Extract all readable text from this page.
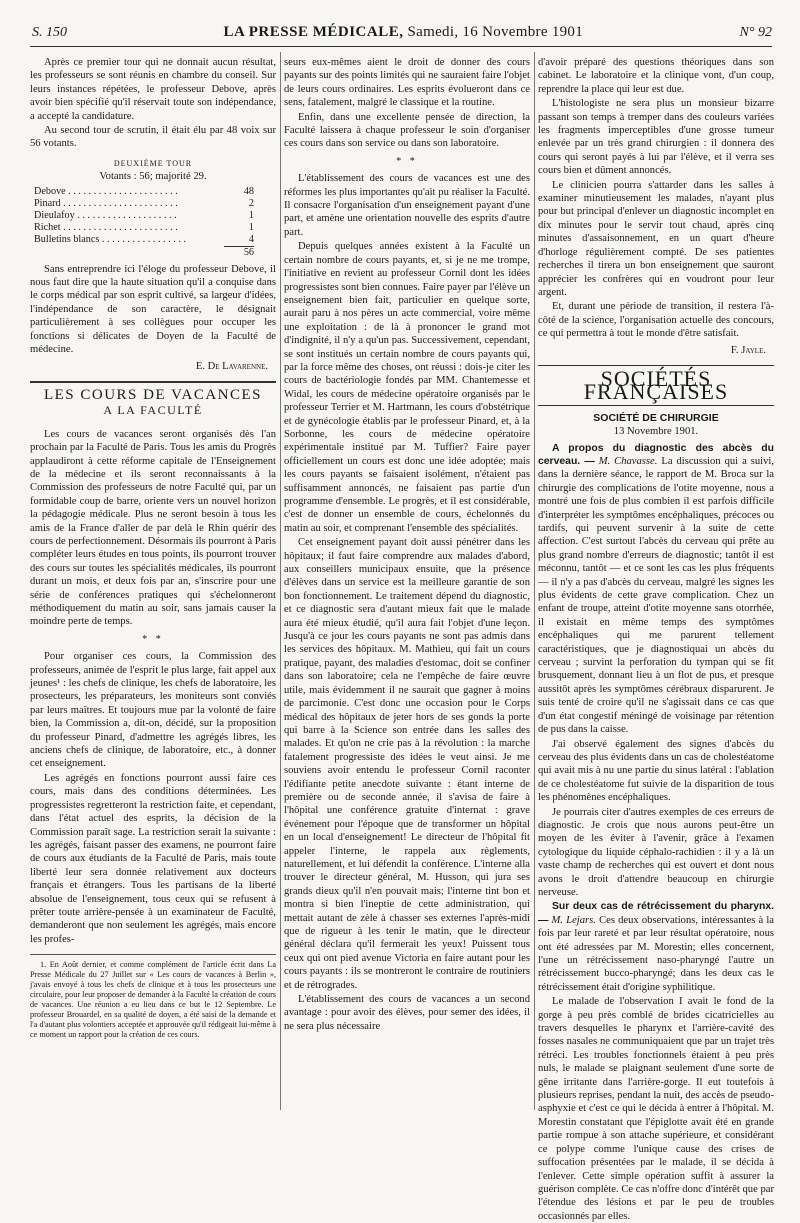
S. 150	LA PRESSE MÉDICALE, Samedi, 16 Novembre 1901	N° 92

Après ce premier tour qui ne donnait aucun résultat, les professeurs se sont réunis en chambre du conseil. Sur leurs instances répétées, le professeur Debove, après avoir bien spécifié qu'il réservait toute son indépendance, a accepté la candidature.

Au second tour de scrutin, il était élu par 48 voix sur 56 votants.

DEUXIÈME TOUR
Votants : 56; majorité 29.
Debove . . . . . . . . . . . . . . . . . . . . . .	48
Pinard . . . . . . . . . . . . . . . . . . . . . . .	2
Dieulafoy . . . . . . . . . . . . . . . . . . . .	1
Richet . . . . . . . . . . . . . . . . . . . . . . .	1
Bulletins blancs . . . . . . . . . . . . . . . . .	4
	56

Sans entreprendre ici l'éloge du professeur Debove, il nous faut dire que la haute situation qu'il a conquise dans le corps médical par son esprit cultivé, sa largeur d'idées, l'indépendance de son caractère, le désignait particulièrement à ses collègues pour occuper les fonctions si délicates de Doyen de la Faculté de médecine.

E. De Lavarenne.
LES COURS DE VACANCES
A LA FACULTÉ

Les cours de vacances seront organisés dès l'an prochain par la Faculté de Paris. Tous les amis du Progrès applaudiront à cette réforme capitale de l'Enseignement de la médecine et ils seront reconnaissants à la Commission des professeurs de notre Faculté qui, par un formidable coup de barre, oriente vers un nouvel horizon la pédagogie médicale. Plus ne seront besoin à tous les amis de la France d'aller de par delà le Rhin quérir des cours de perfectionnement. Désormais ils pourront à Paris compléter leurs études en tous points, ils pourront trouver des cours sur toutes les spécialités médicales, ils pourront durant un mois, et deux fois par an, s'inscrire pour une série de conférences pratiques qui s'échelonneront méthodiquement du matin au soir, sans jamais causer la moindre perte de temps.

* *

Pour organiser ces cours, la Commission des professeurs, animée de l'esprit le plus large, fait appel aux jeunes¹ : les chefs de clinique, les chefs de laboratoire, les prosecteurs, les préparateurs, les moniteurs sont conviés par leurs maîtres. Et toujours mue par la volonté de faire bien, la Commission a, dit-on, décidé, sur la proposition du professeur Pinard, d'admettre les agrégés libres, les anciens chefs de clinique, de laboratoire, etc., à donner cet enseignement.

Les agrégés en fonctions pourront aussi faire ces cours, mais dans des conditions déterminées. Les progressistes regretteront la restriction faite, et cependant, dans l'état actuel des esprits, la décision de la Commission paraît sage. La restriction serait la suivante : les agrégés, faisant passer des examens, ne pourront faire de cours aux étudiants de la Faculté de Paris, mais toute liberté leur sera donnée relativement aux docteurs français et étrangers. Tous les partisans de la liberté absolue de l'enseignement, tous ceux qui se refusent à prêter toute arrière-pensée à un examinateur de Faculté, demanderont que non seulement les agrégés, mais encore les profes-

1. En Août dernier, et comme complément de l'article écrit dans La Presse Médicale du 27 Juillet sur « Les cours de vacances à Berlin », j'avais envoyé à tous les chefs de clinique et à tous les prosecteurs une circulaire, pour leur proposer de demander à la Faculté la création de cours de vacances. Une réunion a eu lieu dans ce but le 12 Septembre. Le professeur Brouardel, en sa qualité de doyen, a été saisi de la demande et l'a d'autant plus volontiers acceptée et approuvée qu'il rédigeait lui-même à ce moment un rapport pour la création de ces cours.

seurs eux-mêmes aient le droit de donner des cours payants sur des points limités qui ne sauraient faire l'objet de leurs cours ordinaires. Les esprits évolueront dans ce sens, fatalement, malgré le classique et la routine.

Enfin, dans une excellente pensée de direction, la Faculté laissera à chaque professeur le soin d'organiser ces cours dans son service ou dans son laboratoire.

* *

L'établissement des cours de vacances est une des réformes les plus importantes qu'ait pu réaliser la Faculté. Il consacre l'organisation d'un enseignement payant d'une part, et amène une orientation nouvelle des esprits d'autre part.

Depuis quelques années existent à la Faculté un certain nombre de cours payants, et, si je ne me trompe, l'initiative en revient au professeur Cornil dont les idées progressistes sont bien connues. Faire payer par l'élève un enseignement bien fait, particulier en quelque sorte, aurait paru à nos pères un acte commercial, voire même une exploitation : de là à prononcer le grand mot d'indignité, il n'y a qu'un pas. Successivement, cependant, se sont institués un certain nombre de cours payants qui, par la force même des choses, ont réussi : dois-je citer les cours de bactériologie fondés par MM. Chantemesse et Widal, les cours de médecine opératoire organisés par le professeur Terrier et M. Hartmann, les cours d'obstétrique et de gynécologie établis par le professeur Pinard, et, à la Sorbonne, les cours de médecine opératoire expérimentale institué par M. Tuffier? Faire payer officiellement un cours est donc une idée adoptée; mais les cours payants se faisaient isolément, n'étaient pas suffisamment annoncés, ne faisaient pas partie d'un programme d'ensemble. Le progrès, et il est considérable, c'est de donner un ensemble de cours, échelonnés du matin au soir, et comprenant l'ensemble des spécialités.

Cet enseignement payant doit aussi pénétrer dans les hôpitaux; il faut faire comprendre aux malades d'abord, aux conseillers municipaux ensuite, que la présence d'élèves dans un service est la meilleure garantie de son bon fonctionnement. Le traitement dépend du diagnostic, et ce diagnostic sera d'autant mieux fait que le malade aura été mieux étudié, qu'il aura fait l'objet d'une leçon. Jusqu'à ce jour les cours payants ne sont pas admis dans les services des hôpitaux. M. Mathieu, qui fait un cours pratique, payant, des maladies d'estomac, doit se confiner dans son laboratoire; cela ne l'empêche de faire œuvre utile, mais évidemment il ne saurait que gagner à moins de parcimonie. C'est donc une occasion pour le Corps médical des hôpitaux de jeter hors de ses gonds la porte qui barre à la Science son entrée dans les salles des malades. Et qu'on ne crie pas à la révolution : la marche fatalement progressiste des idées le veut ainsi. Je me souviens avoir entendu le professeur Cornil raconter l'édifiante petite anecdote suivante : étant interne de première ou de seconde année, il s'avisa de faire à l'hôpital une conférence gratuite d'internat : grave événement pour l'époque que de transformer un hôpital en un local d'enseignement! Le directeur de l'hôpital fit appeler l'interne, le rappela aux règlements, naturellement, et lui défendit la conférence. L'interne alla trouver le directeur général, M. Husson, qui jura ses grands dieux qu'il n'en pouvait mais; l'interne tint bon et montra si bien l'ineptie de cette administration, qui mettait autant de zèle à chasser ses externes l'après-midi que de rigueur à les tenir le matin, que le directeur général déclara qu'il fermerait les yeux! Puissent tous ceux qui ont pied avenue Victoria en faire autant pour les cours payants : ils se montreront le contraire de routiniers et de rétrogrades.

L'établissement des cours de vacances a un second avantage : pour avoir des élèves, pour semer des idées, il ne sera plus nécessaire

d'avoir préparé des questions théoriques dans son cabinet. Le laboratoire et la clinique vont, d'un coup, reprendre la place qui leur est due.

L'histologiste ne sera plus un monsieur bizarre passant son temps à tremper dans des couleurs variées les fragments imperceptibles d'une grosse tumeur enlevée par un très grand chirurgien : il donnera des cours qui seront payés à lui par l'élève, et il verra ses cours bien et dûment annoncés.

Le clinicien pourra s'attarder dans les salles à examiner minutieusement les malades, n'ayant plus pour but principal d'enlever un diagnostic incomplet en dix minutes pour le servir tout chaud, après cinq minutes d'assaisonnement, en un quart d'heure d'horloge régulièrement compté. De ses patientes recherches il tirera un bon enseignement que sauront apprécier les confrères qui en voudront pour leur argent.

Et, durant une période de transition, il restera l'à-côté de la science, l'organisation actuelle des concours, ce qui permettra à tout le monde d'être satisfait.

F. Jayle.
SOCIÉTÉS FRANÇAISES
SOCIÉTÉ DE CHIRURGIE
13 Novembre 1901.

A propos du diagnostic des abcès du cerveau. — M. Chavasse. La discussion qui a suivi, dans la dernière séance, le rapport de M. Broca sur la chirurgie des complications de l'otite moyenne, nous a montré une fois de plus combien il est parfois difficile d'interpréter les symptômes encéphaliques, précoces ou tardifs, qui peuvent survenir à la suite de cette affection. C'est surtout l'abcès du cerveau qui prête au plus grand nombre d'erreurs de diagnostic; tantôt il est méconnu, tantôt — et ce sont les cas les plus fréquents — il n'y a pas d'abcès du cerveau, malgré les signes les plus évidents de cette grave complication. Chez un enfant de troupe, atteint d'otite moyenne sans otorrhée, il existait en même temps des symptômes encéphaliques qui me parurent tellement caractéristiques, que je diagnostiquai un abcès du cerveau ; survint la perforation du tympan qui se fit brusquement, donnant lieu à un flot de pus, et presque aussitôt après les symptômes cérébraux disparurent. Je suis tenté de croire qu'il ne s'agissait dans ce cas que d'un état congestif méningé de voisinage par rétention de pus dans la caisse.

J'ai observé également des signes d'abcès du cerveau des plus évidents dans un cas de cholestéatome qui avait mis à nu une partie du sinus latéral : l'ablation de ce cholestéatome fut suivie de la disparition de tous les phénomènes encéphaliques.

Je pourrais citer d'autres exemples de ces erreurs de diagnostic. Je crois que nous aurons peut-être un moyen de les éviter à l'avenir, grâce à l'examen cytologique du liquide céphalo-rachidien : il y a là un vaste champ de recherches qui est ouvert et dont nous avons le droit d'attendre beaucoup en chirurgie nerveuse.

Sur deux cas de rétrécissement du pharynx. — M. Lejars. Ces deux observations, intéressantes à la fois par leur rareté et par leur résultat opératoire, nous ont été adressées par M. Morestin; elles concernent, l'une un rétrécissement naso-pharyngé l'autre un rétrécissement bucco-pharyngé; dans les deux cas le rétrécissement était d'origine syphilitique.

Le malade de l'observation I avait le fond de la gorge à peu près comblé de brides cicatricielles au travers desquelles le pharynx et l'arrière-cavité des fosses nasales ne communiquaient que par un trajet très rétréci. Les troubles fonctionnels étaient à peu près nuls, le malade se plaignant seulement d'une sorte de gêne irritante dans l'arrière-gorge. Il eut toutefois à plusieurs reprises, pendant la nuit, des accès de pseudo-asphyxie et c'est ce qui le décida à entrer à l'hôpital. M. Morestin constatant que l'épiglotte avait été en grande partie rompue à son attache supérieure, et considérant ce polype comme l'unique cause des crises de suffocation présentées par le malade, il se décida à l'enlever. Cette simple opération suffit à assurer la guérison complète. Ce cas n'offre donc d'intérêt que par l'étendue des lésions et par le peu de troubles occasionnés par elles.
